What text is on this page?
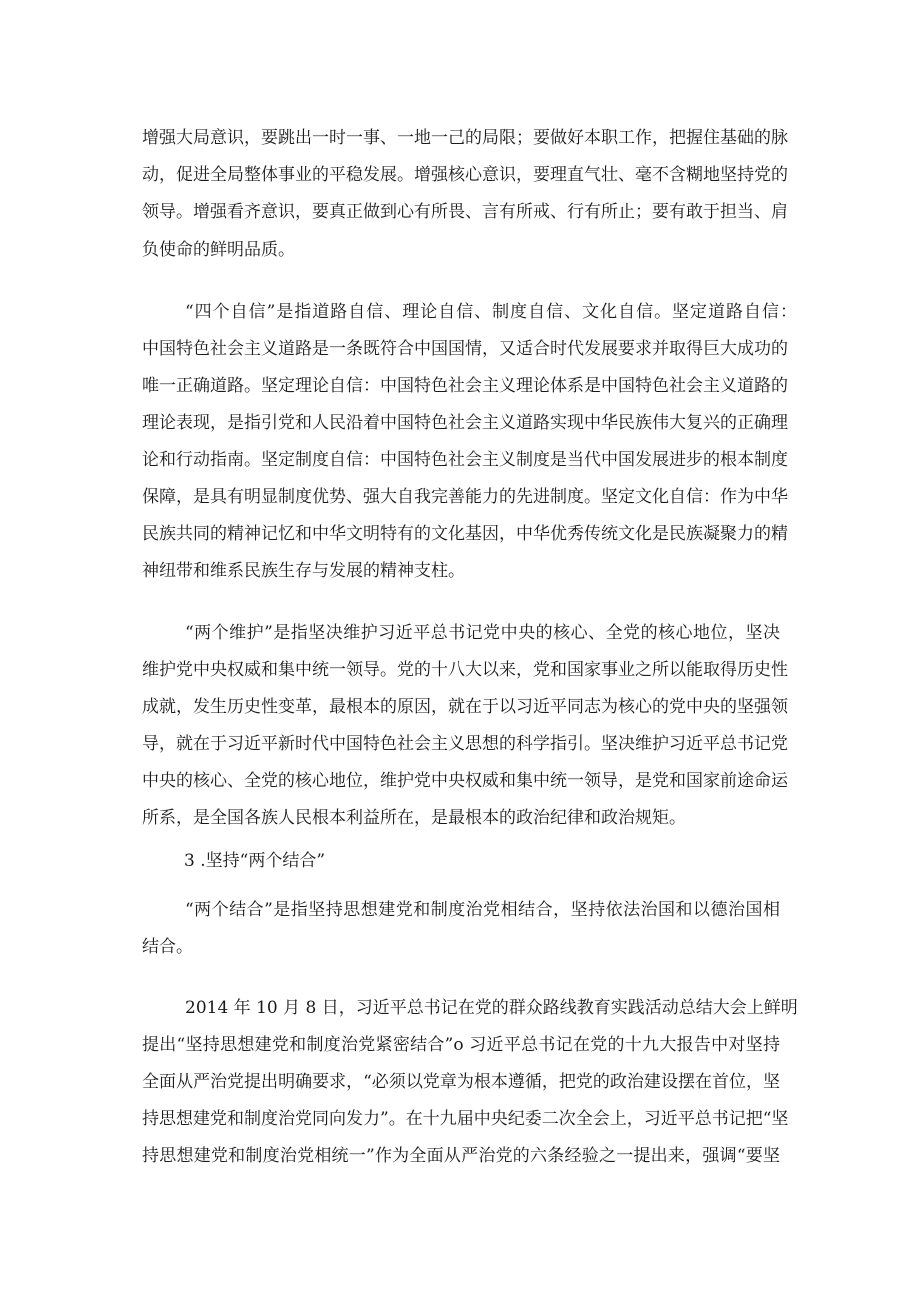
增强大局意识，要跳出一时一事、一地一己的局限；要做好本职工作，把握住基础的脉
动，促进全局整体事业的平稳发展。增强核心意识，要理直气壮、毫不含糊地坚持党的
领导。增强看齐意识，要真正做到心有所畏、言有所戒、行有所止；要有敢于担当、肩
负使命的鲜明品质。
“四个自信”是指道路自信、理论自信、制度自信、文化自信。坚定道路自信：
中国特色社会主义道路是一条既符合中国国情，又适合时代发展要求并取得巨大成功的
唯一正确道路。坚定理论自信：中国特色社会主义理论体系是中国特色社会主义道路的
理论表现，是指引党和人民沿着中国特色社会主义道路实现中华民族伟大复兴的正确理
论和行动指南。坚定制度自信：中国特色社会主义制度是当代中国发展进步的根本制度
保障，是具有明显制度优势、强大自我完善能力的先进制度。坚定文化自信：作为中华
民族共同的精神记忆和中华文明特有的文化基因，中华优秀传统文化是民族凝聚力的精
神纽带和维系民族生存与发展的精神支柱。
“两个维护”是指坚决维护习近平总书记党中央的核心、全党的核心地位，坚决
维护党中央权威和集中统一领导。党的十八大以来，党和国家事业之所以能取得历史性
成就，发生历史性变革，最根本的原因，就在于以习近平同志为核心的党中央的坚强领
导，就在于习近平新时代中国特色社会主义思想的科学指引。坚决维护习近平总书记党
中央的核心、全党的核心地位，维护党中央权威和集中统一领导，是党和国家前途命运
所系，是全国各族人民根本利益所在，是最根本的政治纪律和政治规矩。
3 .坚持“两个结合”
“两个结合”是指坚持思想建党和制度治党相结合，坚持依法治国和以德治国相
结合。
2014 年 10 月 8 日，习近平总书记在党的群众路线教育实践活动总结大会上鲜明
提出“坚持思想建党和制度治党紧密结合”o 习近平总书记在党的十九大报告中对坚持
全面从严治党提出明确要求，“必须以党章为根本遵循，把党的政治建设摆在首位，坚
持思想建党和制度治党同向发力”。在十九届中央纪委二次全会上，习近平总书记把“坚
持思想建党和制度治党相统一”作为全面从严治党的六条经验之一提出来，强调“要坚
